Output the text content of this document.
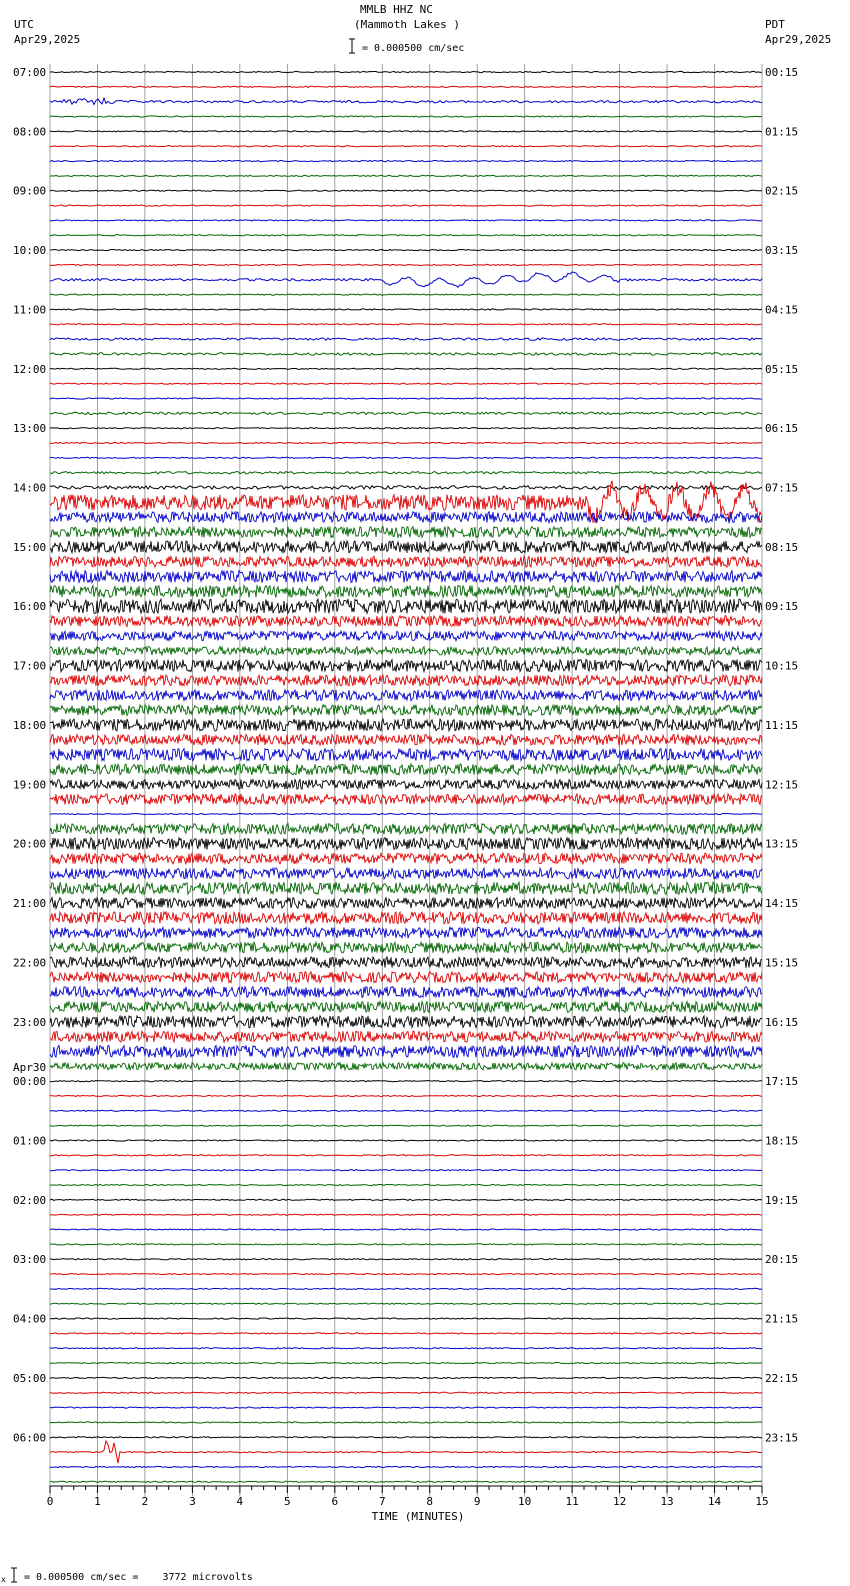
MMLB HHZ NC
(Mammoth Lakes )
= 0.000500 cm/sec
UTC
Apr29,2025
PDT
Apr29,2025
x = 0.000500 cm/sec =    3772 microvolts
07:00	00:15
08:00	01:15
09:00	02:15
10:00	03:15
11:00	04:15
12:00	05:15
13:00	06:15
14:00	07:15
15:00	08:15
16:00	09:15
17:00	10:15
18:00	11:15
19:00	12:15
20:00	13:15
21:00	14:15
22:00	15:15
23:00	16:15
00:00	17:15
01:00	18:15
02:00	19:15
03:00	20:15
04:00	21:15
05:00	22:15
06:00	23:15
Apr30
0	1	2	3	4	5	6	7	8	9	10	11	12	13	14	15
TIME (MINUTES)
